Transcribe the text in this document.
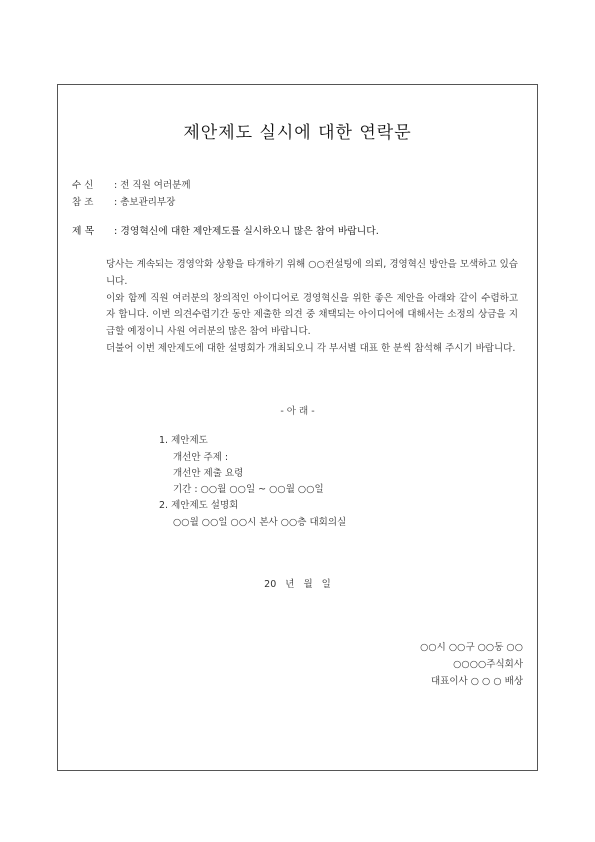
제안제도 실시에 대한 연락문
수 신 : 전 직원 여러분께
참 조 : 총보관리부장
제 목 : 경영혁신에 대한 제안제도를 실시하오니 많은 참여 바랍니다.

당사는 계속되는 경영악화 상황을 타개하기 위해 ○○컨설팅에 의뢰, 경영혁신 방안을 모색하고 있습니다.

이와 함께 직원 여러분의 창의적인 아이디어로 경영혁신을 위한 좋은 제안을 아래와 같이 수렴하고자 합니다. 이번 의견수렴기간 동안 제출한 의견 중 채택되는 아이디어에 대해서는 소정의 상금을 지급할 예정이니 사원 여러분의 많은 참여 바랍니다.

더불어 이번 제안제도에 대한 설명회가 개최되오니 각 부서별 대표 한 분씩 참석해 주시기 바랍니다.

- 아 래 -
1. 제안제도
개선안 주제 :
개선안 제출 요령
기간 : ○○월 ○○일 ~ ○○월 ○○일
2. 제안제도 설명회
○○월 ○○일 ○○시 본사 ○○층 대회의실
20 년 월 일
○○시 ○○구 ○○동 ○○
○○○○주식회사
대표이사 ○ ○ ○ 배상
